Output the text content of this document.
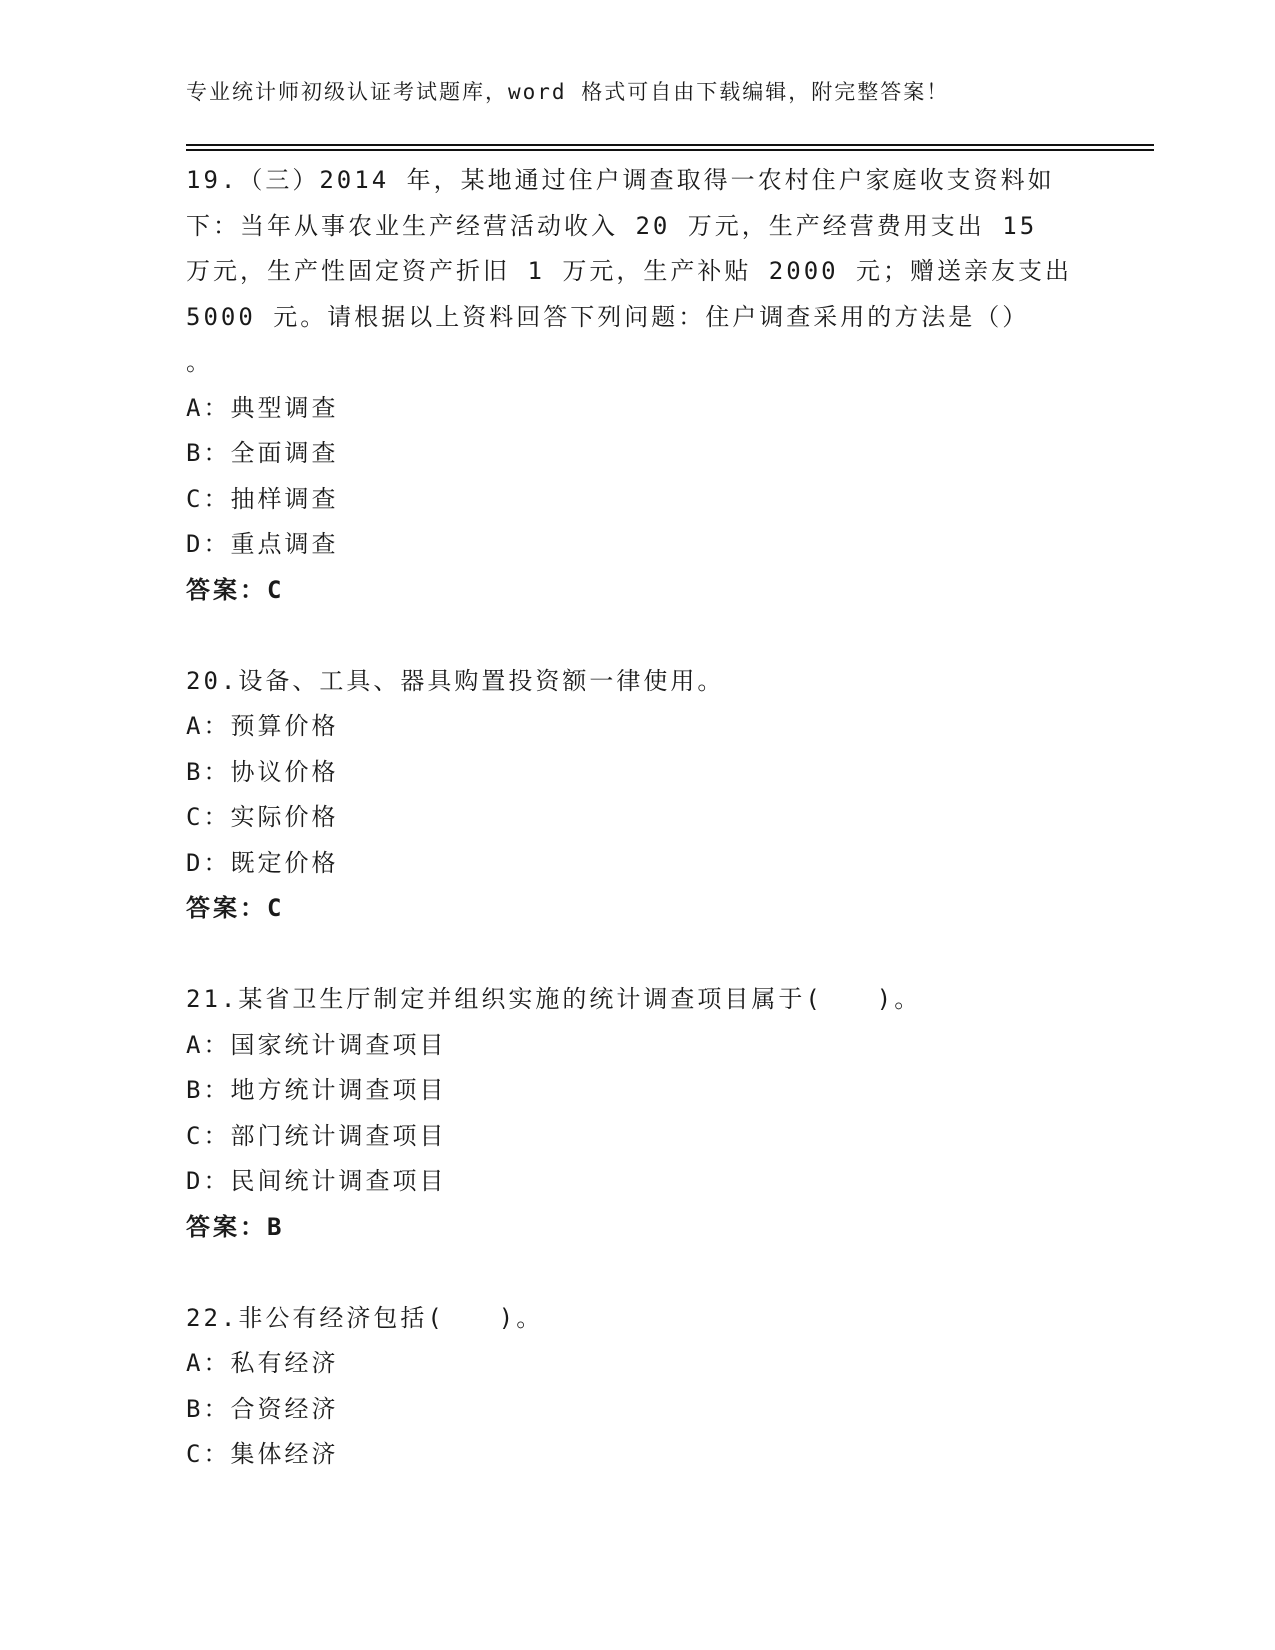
专业统计师初级认证考试题库，word 格式可自由下载编辑，附完整答案！
19.（三）2014 年，某地通过住户调查取得一农村住户家庭收支资料如
下：当年从事农业生产经营活动收入 20 万元，生产经营费用支出 15
万元，生产性固定资产折旧 1 万元，生产补贴 2000 元；赠送亲友支出
5000 元。请根据以上资料回答下列问题：住户调查采用的方法是（）
。
A：典型调查
B：全面调查
C：抽样调查
D：重点调查
答案：C
20.设备、工具、器具购置投资额一律使用。
A：预算价格
B：协议价格
C：实际价格
D：既定价格
答案：C
21.某省卫生厅制定并组织实施的统计调查项目属于(　　)。
A：国家统计调查项目
B：地方统计调查项目
C：部门统计调查项目
D：民间统计调查项目
答案：B
22.非公有经济包括(　　)。
A：私有经济
B：合资经济
C：集体经济
